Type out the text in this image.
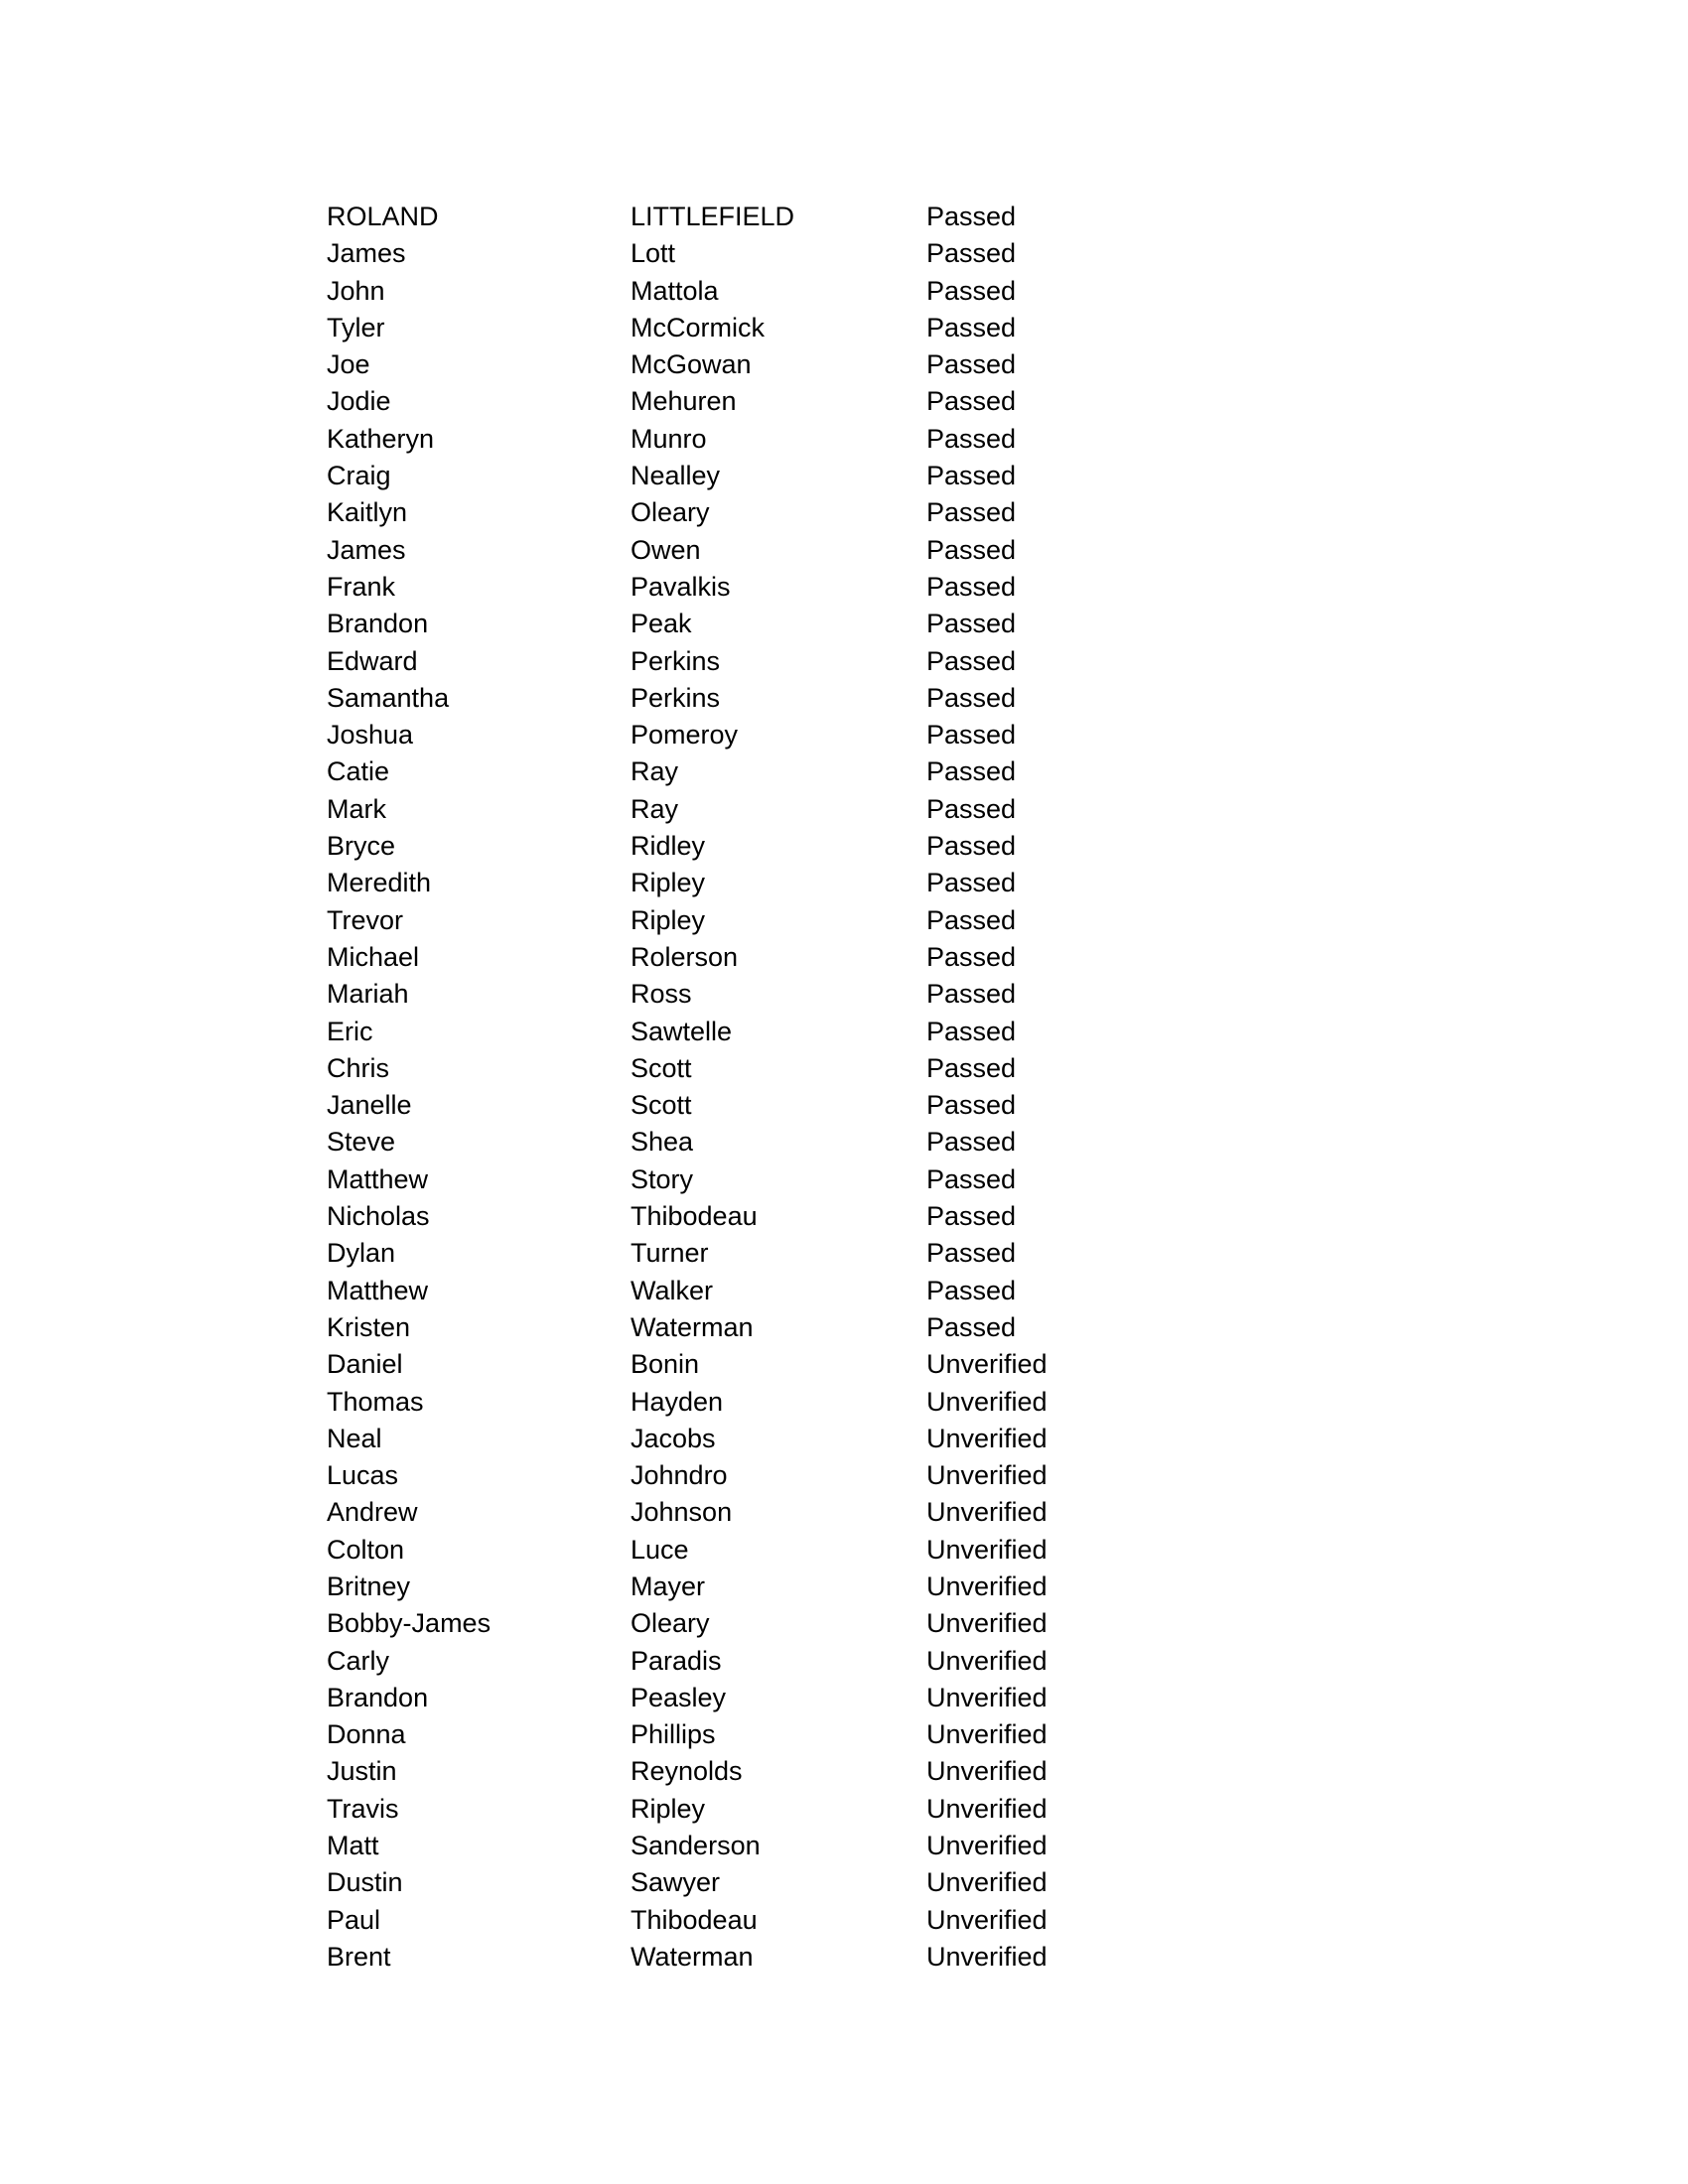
ROLAND	LITTLEFIELD	Passed
James	Lott	Passed
John	Mattola	Passed
Tyler	McCormick	Passed
Joe	McGowan	Passed
Jodie	Mehuren	Passed
Katheryn	Munro	Passed
Craig	Nealley	Passed
Kaitlyn	Oleary	Passed
James	Owen	Passed
Frank	Pavalkis	Passed
Brandon	Peak	Passed
Edward	Perkins	Passed
Samantha	Perkins	Passed
Joshua	Pomeroy	Passed
Catie	Ray	Passed
Mark	Ray	Passed
Bryce	Ridley	Passed
Meredith	Ripley	Passed
Trevor	Ripley	Passed
Michael	Rolerson	Passed
Mariah	Ross	Passed
Eric	Sawtelle	Passed
Chris	Scott	Passed
Janelle	Scott	Passed
Steve	Shea	Passed
Matthew	Story	Passed
Nicholas	Thibodeau	Passed
Dylan	Turner	Passed
Matthew	Walker	Passed
Kristen	Waterman	Passed
Daniel	Bonin	Unverified
Thomas	Hayden	Unverified
Neal	Jacobs	Unverified
Lucas	Johndro	Unverified
Andrew	Johnson	Unverified
Colton	Luce	Unverified
Britney	Mayer	Unverified
Bobby-James	Oleary	Unverified
Carly	Paradis	Unverified
Brandon	Peasley	Unverified
Donna	Phillips	Unverified
Justin	Reynolds	Unverified
Travis	Ripley	Unverified
Matt	Sanderson	Unverified
Dustin	Sawyer	Unverified
Paul	Thibodeau	Unverified
Brent	Waterman	Unverified
